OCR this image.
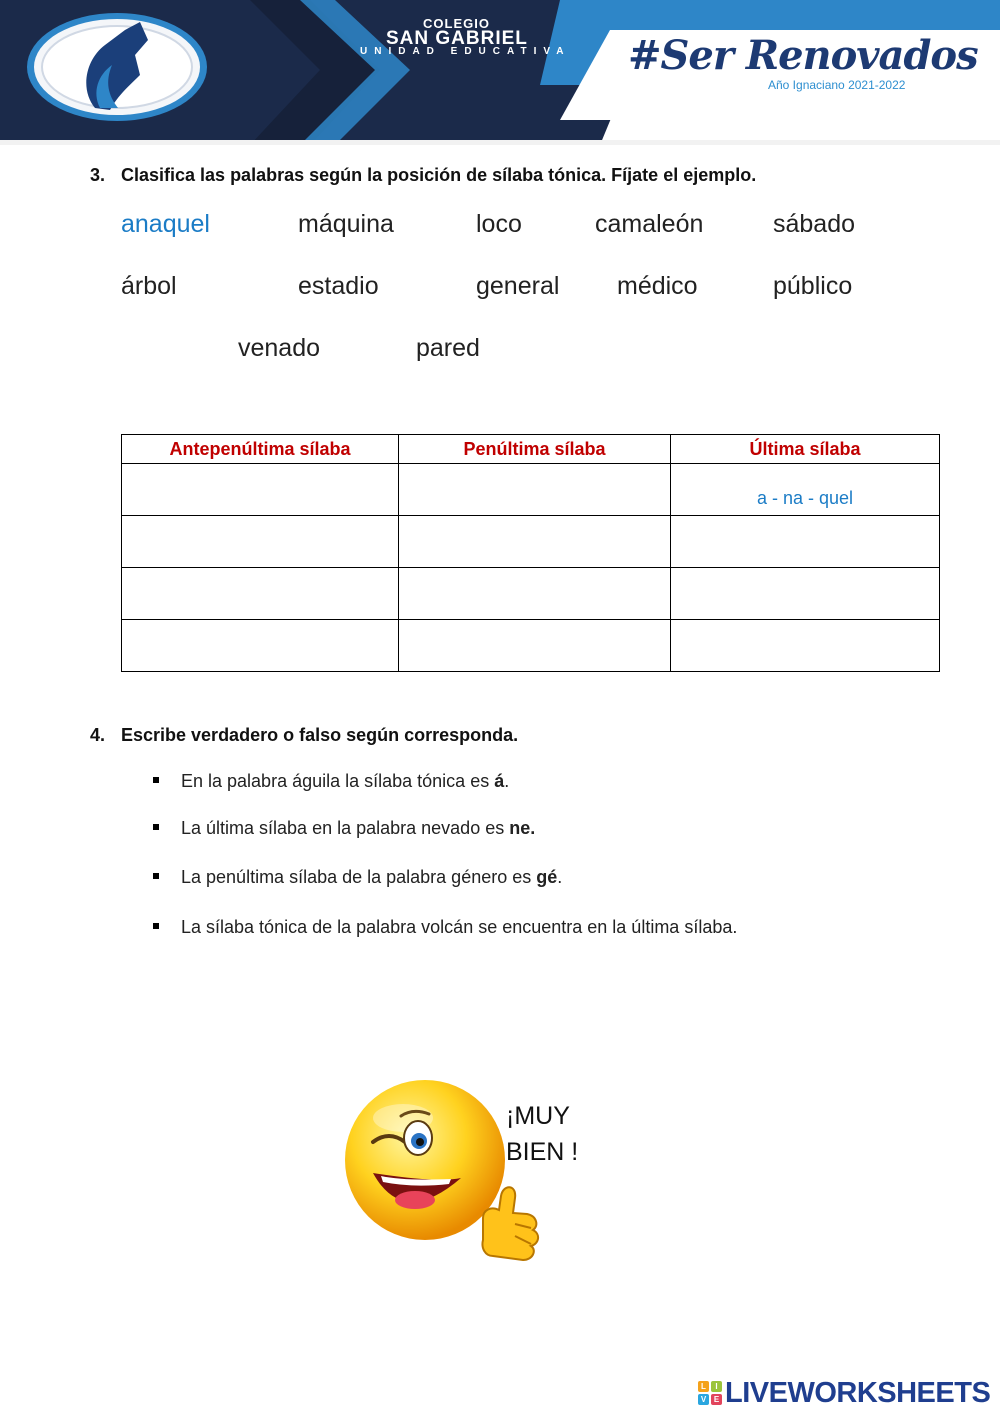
COLEGIO
SAN GABRIEL
UNIDAD EDUCATIVA #Ser Renovados
Año Ignaciano 2021-2022
3. Clasifica las palabras según la posición de sílaba tónica. Fíjate el ejemplo.
anaquel	máquina	loco	camaleón	sábado
árbol	estadio	general médico	público
venado	pared
Antepenúltima sílaba	Penúltima sílaba	Última sílaba

		a - na - quel

4. Escribe verdadero o falso según corresponda.
En la palabra águila la sílaba tónica es á.
La última sílaba en la palabra nevado es ne.
La penúltima sílaba de la palabra género es gé.
La sílaba tónica de la palabra volcán se encuentra en la última sílaba.
¡MUY
BIEN !
L	I
V E LIVEWORKSHEETS
